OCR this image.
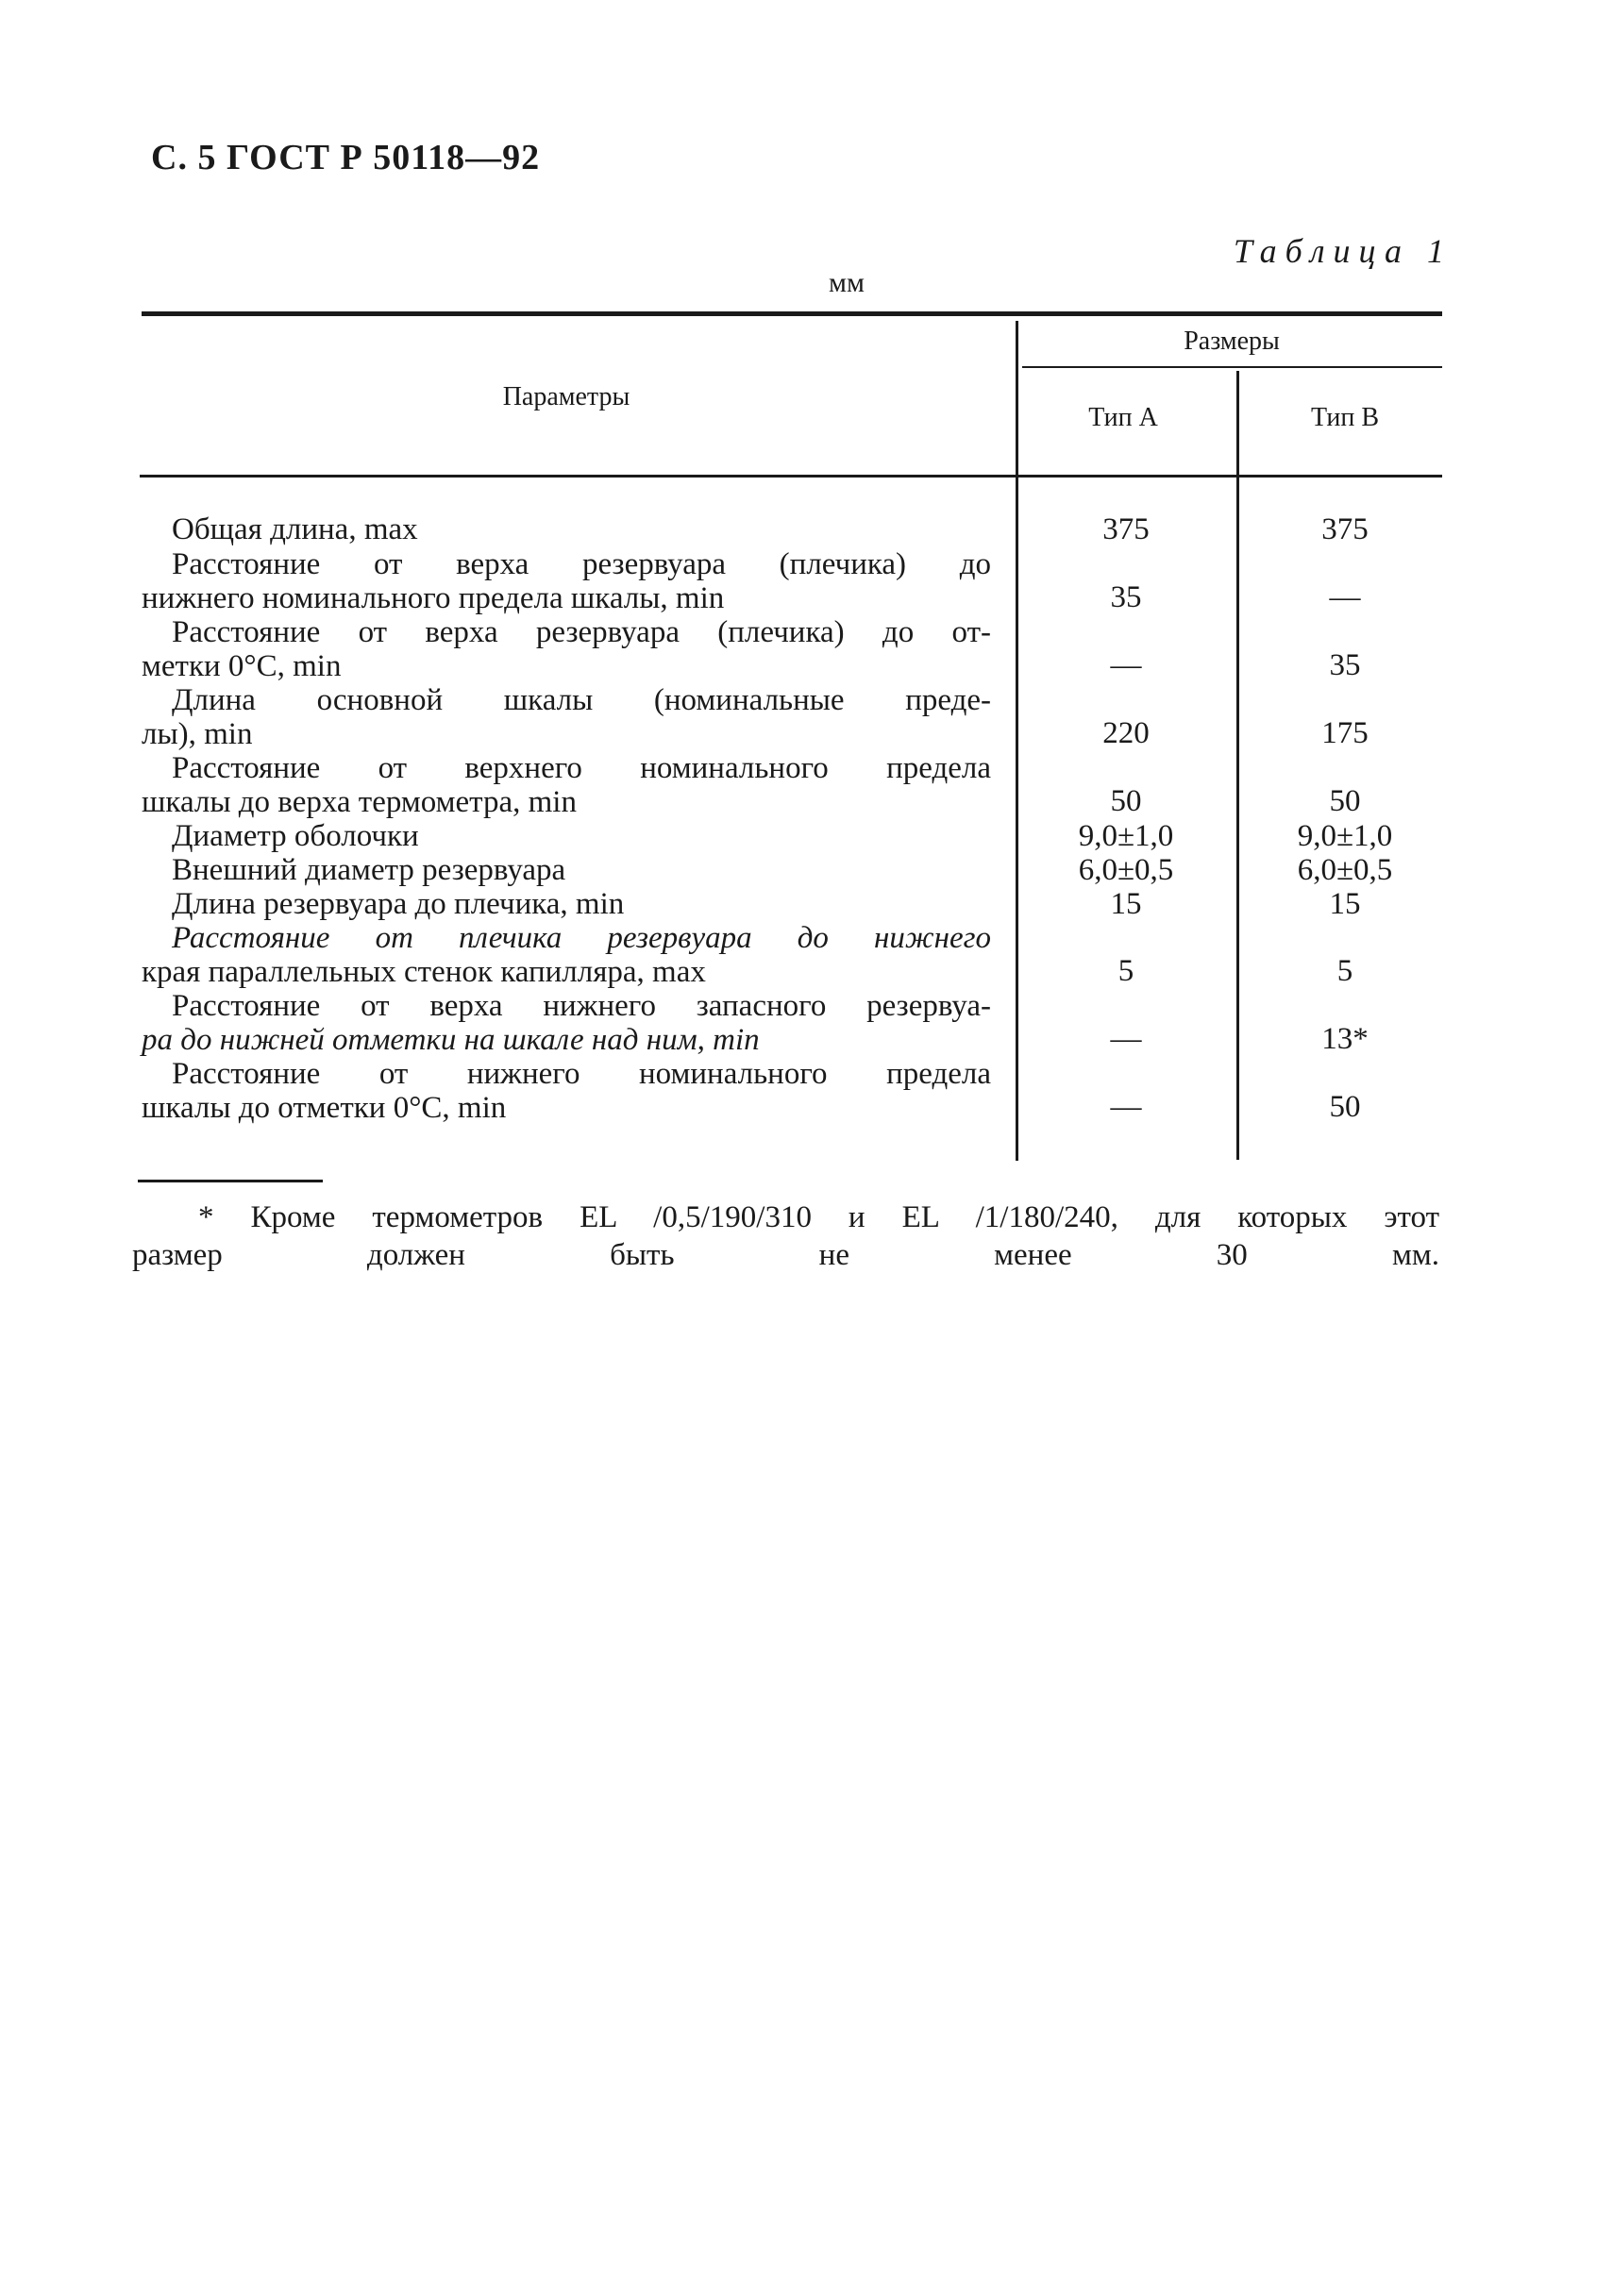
С. 5 ГОСТ Р 50118—92
Таблица 1
мм
Параметры
Размеры
Тип А	Тип В
Общая длина, max	375	375
Расстояние от верха резервуара (плечика) до
нижнего номинального предела шкалы, min	35	—
Расстояние от верха резервуара (плечика) до от-
метки 0°C, min	—	35
Длина основной шкалы (номинальные преде-
лы), min	220	175
Расстояние от верхнего номинального предела
шкалы до верха термометра, min	50	50
Диаметр оболочки	9,0±1,0	9,0±1,0
Внешний диаметр резервуара	6,0±0,5	6,0±0,5
Длина резервуара до плечика, min	15	15
Расстояние от плечика резервуара до нижнего
края параллельных стенок капилляра, max	5	5
Расстояние от верха нижнего запасного резервуа-
ра до нижней отметки на шкале над ним, min	—	13*
Расстояние от нижнего номинального предела
шкалы до отметки 0°C, min	—	50
* Кроме термометров EL /0,5/190/310 и EL /1/180/240, для которых этот
размер должен быть не менее 30 мм.
